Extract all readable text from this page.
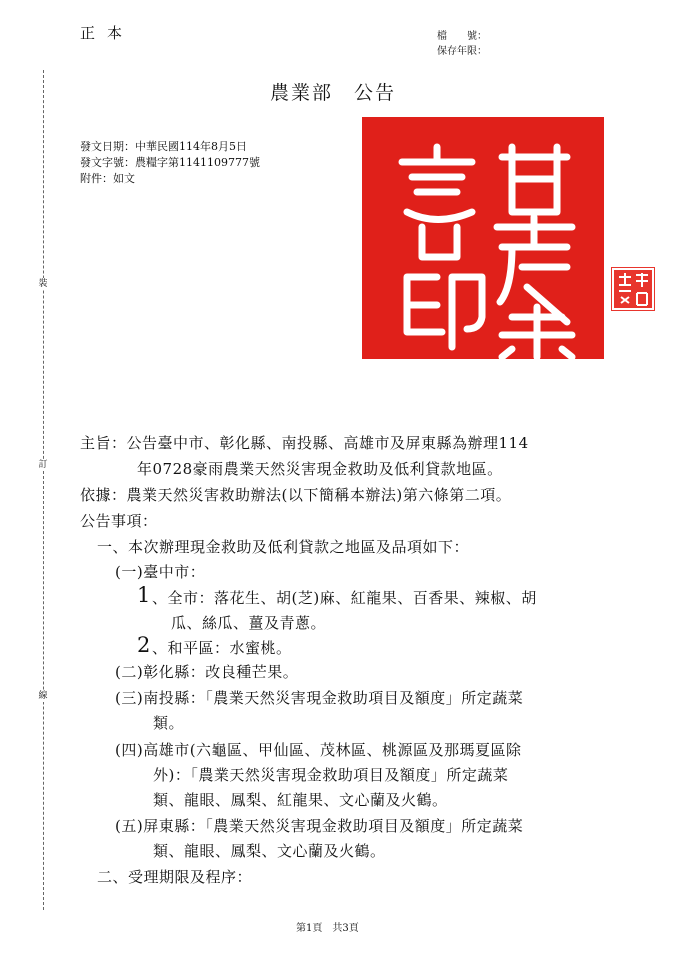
正本	檔　　號：
保存年限：
農業部　公告
發文日期：中華民國114年8月5日
發文字號：農糧字第1141109777號
附件：如文
裝
訂
線
主旨：公告臺中市、彰化縣、南投縣、高雄市及屏東縣為辦理114
年0728豪雨農業天然災害現金救助及低利貸款地區。
依據：農業天然災害救助辦法(以下簡稱本辦法)第六條第二項。
公告事項：
一、本次辦理現金救助及低利貸款之地區及品項如下：
(一)臺中市：
1 、全市：落花生、胡(芝)麻、紅龍果、百香果、辣椒、胡
瓜、絲瓜、薑及青蔥。
2 、和平區：水蜜桃。
(二)彰化縣：改良種芒果。
(三)南投縣：「農業天然災害現金救助項目及額度」所定蔬菜
類。
(四)高雄市(六龜區、甲仙區、茂林區、桃源區及那瑪夏區除
外)：「農業天然災害現金救助項目及額度」所定蔬菜
類、龍眼、鳳梨、紅龍果、文心蘭及火鶴。
(五)屏東縣：「農業天然災害現金救助項目及額度」所定蔬菜
類、龍眼、鳳梨、文心蘭及火鶴。
二、受理期限及程序：
第1頁　共3頁
